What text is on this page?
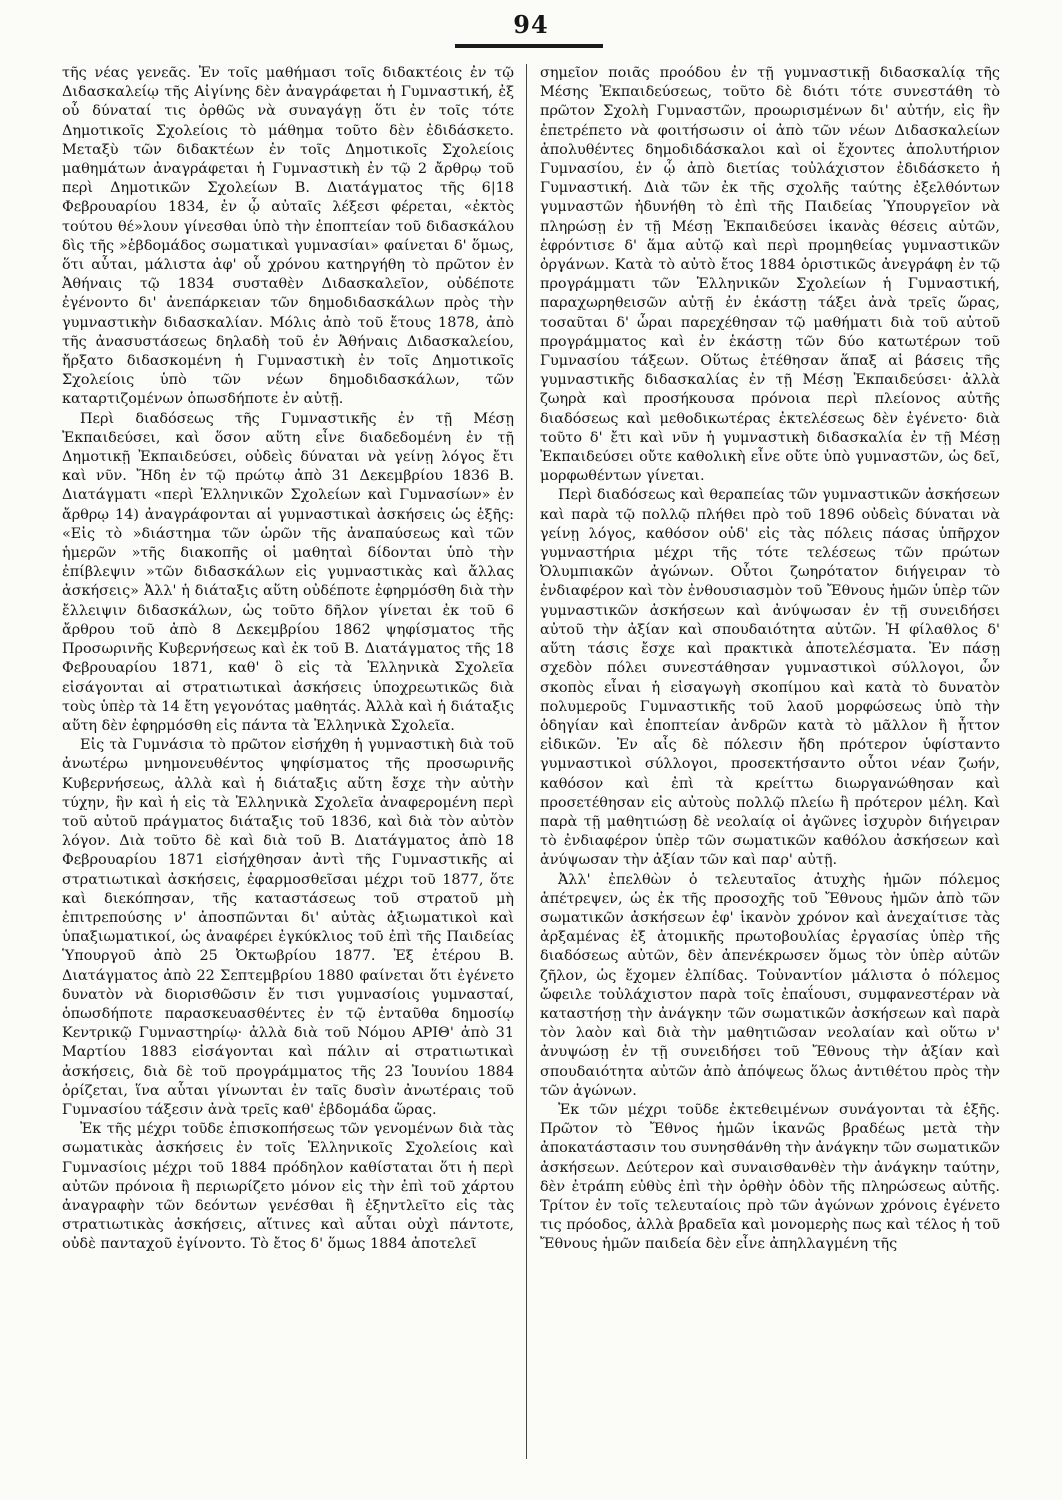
94

τῆς νέας γενεᾶς. Ἐν τοῖς μαθήμασι τοῖς διδακτέοις ἐν τῷ Διδασκαλείῳ τῆς Αἰγίνης δὲν ἀναγράφεται ἡ Γυμναστική, ἐξ οὗ δύναταί τις ὀρθῶς νὰ συναγάγῃ ὅτι ἐν τοῖς τότε Δημοτικοῖς Σχολείοις τὸ μάθημα τοῦτο δὲν ἐδιδάσκετο. Μεταξὺ τῶν διδακτέων ἐν τοῖς Δημοτικοῖς Σχολείοις μαθημάτων ἀναγράφεται ἡ Γυμναστικὴ ἐν τῷ 2 ἄρθρῳ τοῦ περὶ Δημοτικῶν Σχολείων Β. Διατάγματος τῆς 6|18 Φεβρουαρίου 1834, ἐν ᾧ αὐταῖς λέξεσι φέρεται, «ἐκτὸς τούτου θέ»λουν γίνεσθαι ὑπὸ τὴν ἐποπτείαν τοῦ διδασκάλου δὶς τῆς »ἑβδομάδος σωματικαὶ γυμνασίαι» φαίνεται δ' ὅμως, ὅτι αὗται, μάλιστα ἀφ' οὗ χρόνου κατηργήθη τὸ πρῶτον ἐν Ἀθήναις τῷ 1834 συσταθὲν Διδασκαλεῖον, οὐδέποτε ἐγένοντο δι' ἀνεπάρκειαν τῶν δημοδιδασκάλων πρὸς τὴν γυμναστικὴν διδασκαλίαν. Μόλις ἀπὸ τοῦ ἔτους 1878, ἀπὸ τῆς ἀνασυστάσεως δηλαδὴ τοῦ ἐν Ἀθήναις Διδασκαλείου, ἤρξατο διδασκομένη ἡ Γυμναστικὴ ἐν τοῖς Δημοτικοῖς Σχολείοις ὑπὸ τῶν νέων δημοδιδασκάλων, τῶν καταρτιζομένων ὁπωσδήποτε ἐν αὐτῇ.

Περὶ διαδόσεως τῆς Γυμναστικῆς ἐν τῇ Μέσῃ Ἐκπαιδεύσει, καὶ ὅσον αὕτη εἶνε διαδεδομένη ἐν τῇ Δημοτικῇ Ἐκπαιδεύσει, οὐδεὶς δύναται νὰ γείνῃ λόγος ἔτι καὶ νῦν. Ἤδη ἐν τῷ πρώτῳ ἀπὸ 31 Δεκεμβρίου 1836 Β. Διατάγματι «περὶ Ἑλληνικῶν Σχολείων καὶ Γυμνασίων» ἐν ἄρθρῳ 14) ἀναγράφονται αἱ γυμναστικαὶ ἀσκήσεις ὡς ἑξῆς: «Εἰς τὸ »διάστημα τῶν ὡρῶν τῆς ἀναπαύσεως καὶ τῶν ἡμερῶν »τῆς διακοπῆς οἱ μαθηταὶ δίδονται ὑπὸ τὴν ἐπίβλεψιν »τῶν διδασκάλων εἰς γυμναστικὰς καὶ ἄλλας ἀσκήσεις» Ἀλλ' ἡ διάταξις αὕτη οὐδέποτε ἐφηρμόσθη διὰ τὴν ἔλλειψιν διδασκάλων, ὡς τοῦτο δῆλον γίνεται ἐκ τοῦ 6 ἄρθρου τοῦ ἀπὸ 8 Δεκεμβρίου 1862 ψηφίσματος τῆς Προσωρινῆς Κυβερνήσεως καὶ ἐκ τοῦ Β. Διατάγματος τῆς 18 Φεβρουαρίου 1871, καθ' ὃ εἰς τὰ Ἑλληνικὰ Σχολεῖα εἰσάγονται αἱ στρατιωτικαὶ ἀσκήσεις ὑποχρεωτικῶς διὰ τοὺς ὑπὲρ τὰ 14 ἔτη γεγονότας μαθητάς. Ἀλλὰ καὶ ἡ διάταξις αὕτη δὲν ἐφηρμόσθη εἰς πάντα τὰ Ἑλληνικὰ Σχολεῖα.

Εἰς τὰ Γυμνάσια τὸ πρῶτον εἰσήχθη ἡ γυμναστικὴ διὰ τοῦ ἀνωτέρω μνημονευθέντος ψηφίσματος τῆς προσωρινῆς Κυβερνήσεως, ἀλλὰ καὶ ἡ διάταξις αὕτη ἔσχε τὴν αὐτὴν τύχην, ἣν καὶ ἡ εἰς τὰ Ἑλληνικὰ Σχολεῖα ἀναφερομένη περὶ τοῦ αὐτοῦ πράγματος διάταξις τοῦ 1836, καὶ διὰ τὸν αὐτὸν λόγον. Διὰ τοῦτο δὲ καὶ διὰ τοῦ Β. Διατάγματος ἀπὸ 18 Φεβρουαρίου 1871 εἰσήχθησαν ἀντὶ τῆς Γυμναστικῆς αἱ στρατιωτικαὶ ἀσκήσεις, ἐφαρμοσθεῖσαι μέχρι τοῦ 1877, ὅτε καὶ διεκόπησαν, τῆς καταστάσεως τοῦ στρατοῦ μὴ ἐπιτρεπούσης ν' ἀποσπῶνται δι' αὐτὰς ἀξιωματικοὶ καὶ ὑπαξιωματικοί, ὡς ἀναφέρει ἐγκύκλιος τοῦ ἐπὶ τῆς Παιδείας Ὑπουργοῦ ἀπὸ 25 Ὀκτωβρίου 1877. Ἐξ ἑτέρου Β. Διατάγματος ἀπὸ 22 Σεπτεμβρίου 1880 φαίνεται ὅτι ἐγένετο δυνατὸν νὰ διορισθῶσιν ἔν τισι γυμνασίοις γυμνασταί, ὁπωσδήποτε παρασκευασθέντες ἐν τῷ ἐνταῦθα δημοσίῳ Κεντρικῷ Γυμναστηρίῳ· ἀλλὰ διὰ τοῦ Νόμου ΑΡΙΘ' ἀπὸ 31 Μαρτίου 1883 εἰσάγονται καὶ πάλιν αἱ στρατιωτικαὶ ἀσκήσεις, διὰ δὲ τοῦ προγράμματος τῆς 23 Ἰουνίου 1884 ὁρίζεται, ἵνα αὗται γίνωνται ἐν ταῖς δυσὶν ἀνωτέραις τοῦ Γυμνασίου τάξεσιν ἀνὰ τρεῖς καθ' ἑβδομάδα ὥρας.

Ἐκ τῆς μέχρι τοῦδε ἐπισκοπήσεως τῶν γενομένων διὰ τὰς σωματικὰς ἀσκήσεις ἐν τοῖς Ἑλληνικοῖς Σχολείοις καὶ Γυμνασίοις μέχρι τοῦ 1884 πρόδηλον καθίσταται ὅτι ἡ περὶ αὐτῶν πρόνοια ἢ περιωρίζετο μόνον εἰς τὴν ἐπὶ τοῦ χάρτου ἀναγραφὴν τῶν δεόντων γενέσθαι ἢ ἐξηντλεῖτο εἰς τὰς στρατιωτικὰς ἀσκήσεις, αἵτινες καὶ αὗται οὐχὶ πάντοτε, οὐδὲ πανταχοῦ ἐγίνοντο. Τὸ ἔτος δ' ὅμως 1884 ἀποτελεῖ

σημεῖον ποιᾶς προόδου ἐν τῇ γυμναστικῇ διδασκαλίᾳ τῆς Μέσης Ἐκπαιδεύσεως, τοῦτο δὲ διότι τότε συνεστάθη τὸ πρῶτον Σχολὴ Γυμναστῶν, προωρισμένων δι' αὐτήν, εἰς ἣν ἐπετρέπετο νὰ φοιτήσωσιν οἱ ἀπὸ τῶν νέων Διδασκαλείων ἀπολυθέντες δημοδιδάσκαλοι καὶ οἱ ἔχοντες ἀπολυτήριον Γυμνασίου, ἐν ᾧ ἀπὸ διετίας τοὐλάχιστον ἐδιδάσκετο ἡ Γυμναστική. Διὰ τῶν ἐκ τῆς σχολῆς ταύτης ἐξελθόντων γυμναστῶν ἠδυνήθη τὸ ἐπὶ τῆς Παιδείας Ὑπουργεῖον νὰ πληρώσῃ ἐν τῇ Μέσῃ Ἐκπαιδεύσει ἱκανὰς θέσεις αὐτῶν, ἐφρόντισε δ' ἅμα αὐτῷ καὶ περὶ προμηθείας γυμναστικῶν ὀργάνων. Κατὰ τὸ αὐτὸ ἔτος 1884 ὁριστικῶς ἀνεγράφη ἐν τῷ προγράμματι τῶν Ἑλληνικῶν Σχολείων ἡ Γυμναστική, παραχωρηθεισῶν αὐτῇ ἐν ἑκάστῃ τάξει ἀνὰ τρεῖς ὥρας, τοσαῦται δ' ὧραι παρεχέθησαν τῷ μαθήματι διὰ τοῦ αὐτοῦ προγράμματος καὶ ἐν ἑκάστῃ τῶν δύο κατωτέρων τοῦ Γυμνασίου τάξεων. Οὕτως ἐτέθησαν ἅπαξ αἱ βάσεις τῆς γυμναστικῆς διδασκαλίας ἐν τῇ Μέσῃ Ἐκπαιδεύσει· ἀλλὰ ζωηρὰ καὶ προσήκουσα πρόνοια περὶ πλείονος αὐτῆς διαδόσεως καὶ μεθοδικωτέρας ἐκτελέσεως δὲν ἐγένετο· διὰ τοῦτο δ' ἔτι καὶ νῦν ἡ γυμναστικὴ διδασκαλία ἐν τῇ Μέσῃ Ἐκπαιδεύσει οὔτε καθολικὴ εἶνε οὔτε ὑπὸ γυμναστῶν, ὡς δεῖ, μορφωθέντων γίνεται.

Περὶ διαδόσεως καὶ θεραπείας τῶν γυμναστικῶν ἀσκήσεων καὶ παρὰ τῷ πολλῷ πλήθει πρὸ τοῦ 1896 οὐδεὶς δύναται νὰ γείνῃ λόγος, καθόσον οὐδ' εἰς τὰς πόλεις πάσας ὑπῆρχον γυμναστήρια μέχρι τῆς τότε τελέσεως τῶν πρώτων Ὀλυμπιακῶν ἀγώνων. Οὗτοι ζωηρότατον διήγειραν τὸ ἐνδιαφέρον καὶ τὸν ἐνθουσιασμὸν τοῦ Ἔθνους ἡμῶν ὑπὲρ τῶν γυμναστικῶν ἀσκήσεων καὶ ἀνύψωσαν ἐν τῇ συνειδήσει αὐτοῦ τὴν ἀξίαν καὶ σπουδαιότητα αὐτῶν. Ἡ φίλαθλος δ' αὕτη τάσις ἔσχε καὶ πρακτικὰ ἀποτελέσματα. Ἐν πάσῃ σχεδὸν πόλει συνεστάθησαν γυμναστικοὶ σύλλογοι, ὧν σκοπὸς εἶναι ἡ εἰσαγωγὴ σκοπίμου καὶ κατὰ τὸ δυνατὸν πολυμεροῦς Γυμναστικῆς τοῦ λαοῦ μορφώσεως ὑπὸ τὴν ὁδηγίαν καὶ ἐποπτείαν ἀνδρῶν κατὰ τὸ μᾶλλον ἢ ἧττον εἰδικῶν. Ἐν αἷς δὲ πόλεσιν ἤδη πρότερον ὑφίσταντο γυμναστικοὶ σύλλογοι, προσεκτήσαντο οὗτοι νέαν ζωήν, καθόσον καὶ ἐπὶ τὰ κρείττω διωργανώθησαν καὶ προσετέθησαν εἰς αὐτοὺς πολλῷ πλείω ἢ πρότερον μέλη. Καὶ παρὰ τῇ μαθητιώσῃ δὲ νεολαίᾳ οἱ ἀγῶνες ἰσχυρὸν διήγειραν τὸ ἐνδιαφέρον ὑπὲρ τῶν σωματικῶν καθόλου ἀσκήσεων καὶ ἀνύψωσαν τὴν ἀξίαν τῶν καὶ παρ' αὐτῇ.

Ἀλλ' ἐπελθὼν ὁ τελευταῖος ἀτυχὴς ἡμῶν πόλεμος ἀπέτρεψεν, ὡς ἐκ τῆς προσοχῆς τοῦ Ἔθνους ἡμῶν ἀπὸ τῶν σωματικῶν ἀσκήσεων ἐφ' ἱκανὸν χρόνον καὶ ἀνεχαίτισε τὰς ἀρξαμένας ἐξ ἀτομικῆς πρωτοβουλίας ἐργασίας ὑπὲρ τῆς διαδόσεως αὐτῶν, δὲν ἀπενέκρωσεν ὅμως τὸν ὑπὲρ αὐτῶν ζῆλον, ὡς ἔχομεν ἐλπίδας. Τοὐναντίον μάλιστα ὁ πόλεμος ὤφειλε τοὐλάχιστον παρὰ τοῖς ἐπαΐουσι, συμφανεστέραν νὰ καταστήσῃ τὴν ἀνάγκην τῶν σωματικῶν ἀσκήσεων καὶ παρὰ τὸν λαὸν καὶ διὰ τὴν μαθητιῶσαν νεολαίαν καὶ οὕτω ν' ἀνυψώσῃ ἐν τῇ συνειδήσει τοῦ Ἔθνους τὴν ἀξίαν καὶ σπουδαιότητα αὐτῶν ἀπὸ ἀπόψεως ὅλως ἀντιθέτου πρὸς τὴν τῶν ἀγώνων.

Ἐκ τῶν μέχρι τοῦδε ἐκτεθειμένων συνάγονται τὰ ἑξῆς. Πρῶτον τὸ Ἔθνος ἡμῶν ἱκανῶς βραδέως μετὰ τὴν ἀποκατάστασιν του συνησθάνθη τὴν ἀνάγκην τῶν σωματικῶν ἀσκήσεων. Δεύτερον καὶ συναισθανθὲν τὴν ἀνάγκην ταύτην, δὲν ἐτράπη εὐθὺς ἐπὶ τὴν ὀρθὴν ὁδὸν τῆς πληρώσεως αὐτῆς. Τρίτον ἐν τοῖς τελευταίοις πρὸ τῶν ἀγώνων χρόνοις ἐγένετο τις πρόοδος, ἀλλὰ βραδεῖα καὶ μονομερὴς πως καὶ τέλος ἡ τοῦ Ἔθνους ἡμῶν παιδεία δὲν εἶνε ἀπηλλαγμένη τῆς
